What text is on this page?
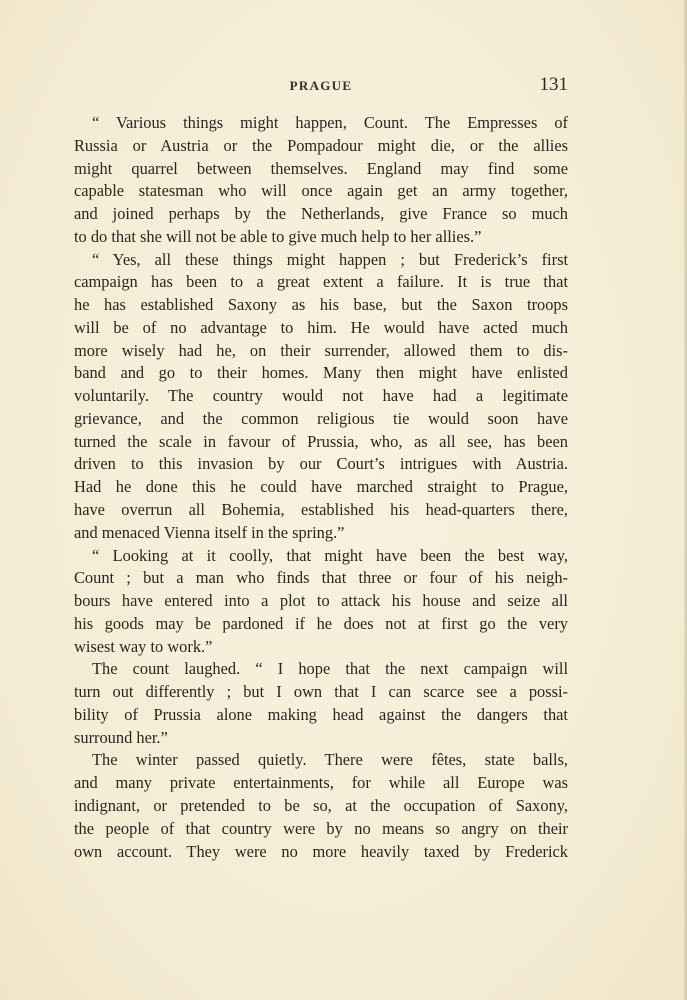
PRAGUE	131
“ Various things might happen, Count. The Empresses of
Russia or Austria or the Pompadour might die, or the allies
might quarrel between themselves. England may find some
capable statesman who will once again get an army together,
and joined perhaps by the Netherlands, give France so much
to do that she will not be able to give much help to her allies.”
“ Yes, all these things might happen ; but Frederick’s first
campaign has been to a great extent a failure. It is true that
he has established Saxony as his base, but the Saxon troops
will be of no advantage to him. He would have acted much
more wisely had he, on their surrender, allowed them to dis-
band and go to their homes. Many then might have enlisted
voluntarily. The country would not have had a legitimate
grievance, and the common religious tie would soon have
turned the scale in favour of Prussia, who, as all see, has been
driven to this invasion by our Court’s intrigues with Austria.
Had he done this he could have marched straight to Prague,
have overrun all Bohemia, established his head-quarters there,
and menaced Vienna itself in the spring.”
“ Looking at it coolly, that might have been the best way,
Count ; but a man who finds that three or four of his neigh-
bours have entered into a plot to attack his house and seize all
his goods may be pardoned if he does not at first go the very
wisest way to work.”
The count laughed. “ I hope that the next campaign will
turn out differently ; but I own that I can scarce see a possi-
bility of Prussia alone making head against the dangers that
surround her.”
The winter passed quietly. There were fêtes, state balls,
and many private entertainments, for while all Europe was
indignant, or pretended to be so, at the occupation of Saxony,
the people of that country were by no means so angry on their
own account. They were no more heavily taxed by Frederick
